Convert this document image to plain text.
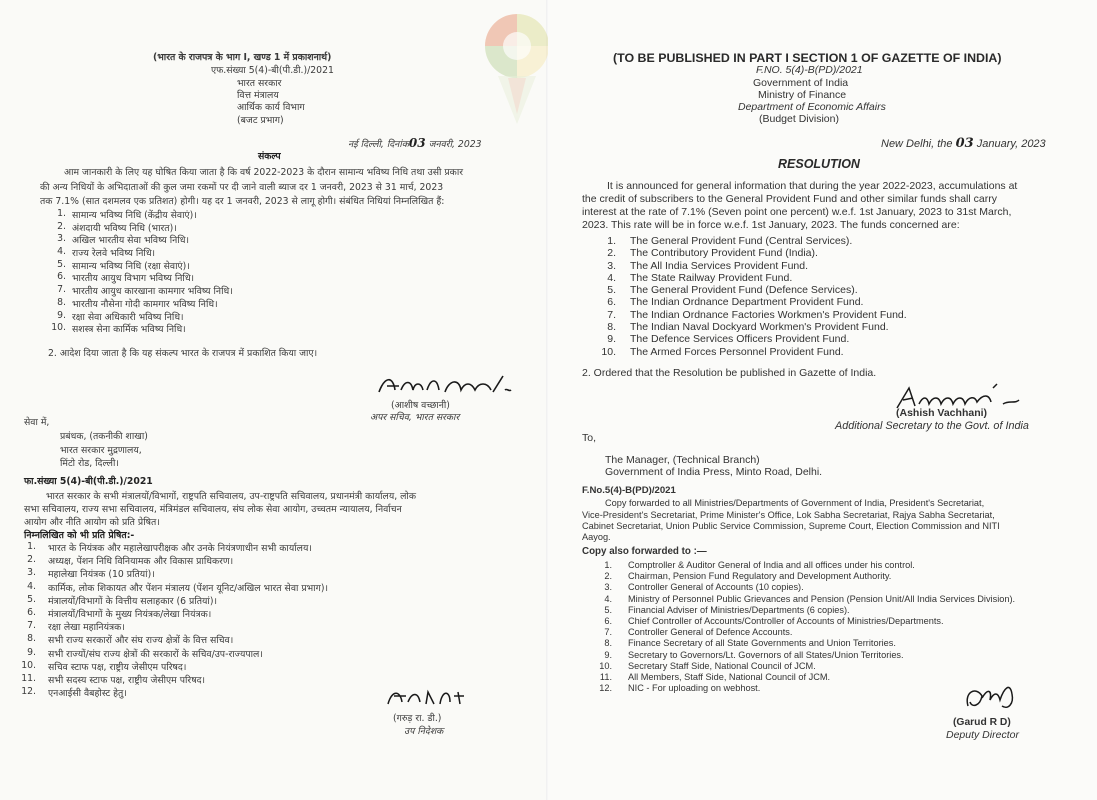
(भारत के राजपत्र के भाग I, खण्ड 1 में प्रकाशनार्थ)
एफ.संख्या 5(4)-बी(पी.डी.)/2021
भारत सरकार
वित्त मंत्रालय
आर्थिक कार्य विभाग
(बजट प्रभाग)
नई दिल्ली, दिनांक03 जनवरी, 2023
संकल्प
आम जानकारी के लिए यह घोषित किया जाता है कि वर्ष 2022-2023 के दौरान सामान्य भविष्य निधि तथा उसी प्रकार
की अन्य निधियों के अभिदाताओं की कुल जमा रकमों पर दी जाने वाली ब्याज दर 1 जनवरी, 2023 से 31 मार्च, 2023
तक 7.1% (सात दशमलव एक प्रतिशत) होगी। यह दर 1 जनवरी, 2023 से लागू होगी। संबंधित निधियां निम्नलिखित हैं:
1. सामान्य भविष्य निधि (केंद्रीय सेवाएं)।
2. अंशदायी भविष्य निधि (भारत)।
3. अखिल भारतीय सेवा भविष्य निधि।
4. राज्य रेलवे भविष्य निधि।
5. सामान्य भविष्य निधि (रक्षा सेवाएं)।
6. भारतीय आयुध विभाग भविष्य निधि।
7. भारतीय आयुध कारखाना कामगार भविष्य निधि।
8. भारतीय नौसेना गोदी कामगार भविष्य निधि।
9. रक्षा सेवा अधिकारी भविष्य निधि।
10. सशस्त्र सेना कार्मिक भविष्य निधि।
2. आदेश दिया जाता है कि यह संकल्प भारत के राजपत्र में प्रकाशित किया जाए।
(आशीष वच्छानी)
अपर सचिव, भारत सरकार
सेवा में,
प्रबंधक, (तकनीकी शाखा)
भारत सरकार मुद्रणालय,
मिंटो रोड, दिल्ली।
फा.संख्या 5(4)-बी(पी.डी.)/2021
भारत सरकार के सभी मंत्रालयों/विभागों, राष्ट्रपति सचिवालय, उप-राष्ट्रपति सचिवालय, प्रधानमंत्री कार्यालय, लोक
सभा सचिवालय, राज्य सभा सचिवालय, मंत्रिमंडल सचिवालय, संघ लोक सेवा आयोग, उच्चतम न्यायालय, निर्वाचन
आयोग और नीति आयोग को प्रति प्रेषित।
निम्नलिखित को भी प्रति प्रेषित:-
1. भारत के नियंत्रक और महालेखापरीक्षक और उनके नियंत्रणाधीन सभी कार्यालय।
2. अध्यक्ष, पेंशन निधि विनियामक और विकास प्राधिकरण।
3. महालेखा नियंत्रक (10 प्रतियां)।
4. कार्मिक, लोक शिकायत और पेंशन मंत्रालय (पेंशन यूनिट/अखिल भारत सेवा प्रभाग)।
5. मंत्रालयों/विभागों के वित्तीय सलाहकार (6 प्रतियां)।
6. मंत्रालयों/विभागों के मुख्य नियंत्रक/लेखा नियंत्रक।
7. रक्षा लेखा महानियंत्रक।
8. सभी राज्य सरकारों और संघ राज्य क्षेत्रों के वित्त सचिव।
9. सभी राज्यों/संघ राज्य क्षेत्रों की सरकारों के सचिव/उप-राज्यपाल।
10. सचिव स्टाफ पक्ष, राष्ट्रीय जेसीएम परिषद।
11. सभी सदस्य स्टाफ पक्ष, राष्ट्रीय जेसीएम परिषद।
12. एनआईसी वैबहोस्ट हेतु।
(गरुड़ रा. डी.)
उप निदेशक
(TO BE PUBLISHED IN PART I SECTION 1 OF GAZETTE OF INDIA)
F.NO. 5(4)-B(PD)/2021
Government of India
Ministry of Finance
Department of Economic Affairs
(Budget Division)
New Delhi, the 03 January, 2023
RESOLUTION
It is announced for general information that during the year 2022-2023, accumulations at
the credit of subscribers to the General Provident Fund and other similar funds shall carry
interest at the rate of 7.1% (Seven point one percent) w.e.f. 1st January, 2023 to 31st March,
2023. This rate will be in force w.e.f. 1st January, 2023. The funds concerned are:
1. The General Provident Fund (Central Services).
2. The Contributory Provident Fund (India).
3. The All India Services Provident Fund.
4. The State Railway Provident Fund.
5. The General Provident Fund (Defence Services).
6. The Indian Ordnance Department Provident Fund.
7. The Indian Ordnance Factories Workmen's Provident Fund.
8. The Indian Naval Dockyard Workmen's Provident Fund.
9. The Defence Services Officers Provident Fund.
10. The Armed Forces Personnel Provident Fund.
2. Ordered that the Resolution be published in Gazette of India.
(Ashish Vachhani)
Additional Secretary to the Govt. of India
To,
The Manager, (Technical Branch)
Government of India Press, Minto Road, Delhi.
F.No.5(4)-B(PD)/2021
Copy forwarded to all Ministries/Departments of Government of India, President's Secretariat,
Vice-President's Secretariat, Prime Minister's Office, Lok Sabha Secretariat, Rajya Sabha Secretariat,
Cabinet Secretariat, Union Public Service Commission, Supreme Court, Election Commission and NITI
Aayog.
Copy also forwarded to :—
1. Comptroller & Auditor General of India and all offices under his control.
2. Chairman, Pension Fund Regulatory and Development Authority.
3. Controller General of Accounts (10 copies).
4. Ministry of Personnel Public Grievances and Pension (Pension Unit/All India Services Division).
5. Financial Adviser of Ministries/Departments (6 copies).
6. Chief Controller of Accounts/Controller of Accounts of Ministries/Departments.
7. Controller General of Defence Accounts.
8. Finance Secretary of all State Governments and Union Territories.
9. Secretary to Governors/Lt. Governors of all States/Union Territories.
10. Secretary Staff Side, National Council of JCM.
11. All Members, Staff Side, National Council of JCM.
12. NIC - For uploading on webhost.
(Garud R D)
Deputy Director
